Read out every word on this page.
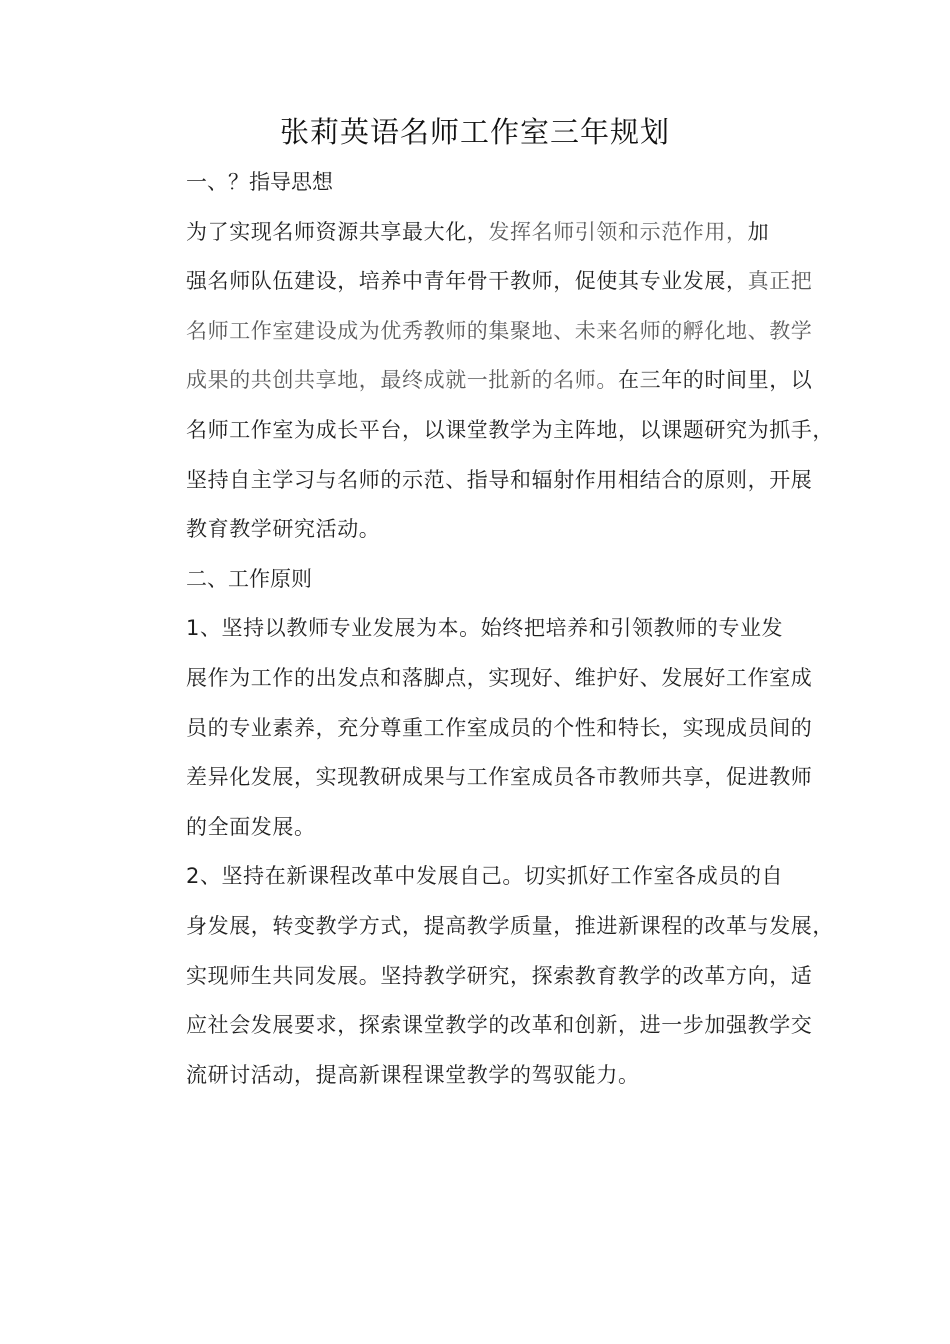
张莉英语名师工作室三年规划

一、？指导思想

为了实现名师资源共享最大化，发挥名师引领和示范作用，加
强名师队伍建设，培养中青年骨干教师，促使其专业发展，真正把
名师工作室建设成为优秀教师的集聚地、未来名师的孵化地、教学
成果的共创共享地，最终成就一批新的名师。在三年的时间里，以
名师工作室为成长平台，以课堂教学为主阵地，以课题研究为抓手，
坚持自主学习与名师的示范、指导和辐射作用相结合的原则，开展
教育教学研究活动。

二、工作原则

1、坚持以教师专业发展为本。始终把培养和引领教师的专业发
展作为工作的出发点和落脚点，实现好、维护好、发展好工作室成
员的专业素养，充分尊重工作室成员的个性和特长，实现成员间的
差异化发展，实现教研成果与工作室成员各市教师共享，促进教师
的全面发展。

2、坚持在新课程改革中发展自己。切实抓好工作室各成员的自
身发展，转变教学方式，提高教学质量，推进新课程的改革与发展，
实现师生共同发展。坚持教学研究，探索教育教学的改革方向，适
应社会发展要求，探索课堂教学的改革和创新，进一步加强教学交
流研讨活动，提高新课程课堂教学的驾驭能力。
